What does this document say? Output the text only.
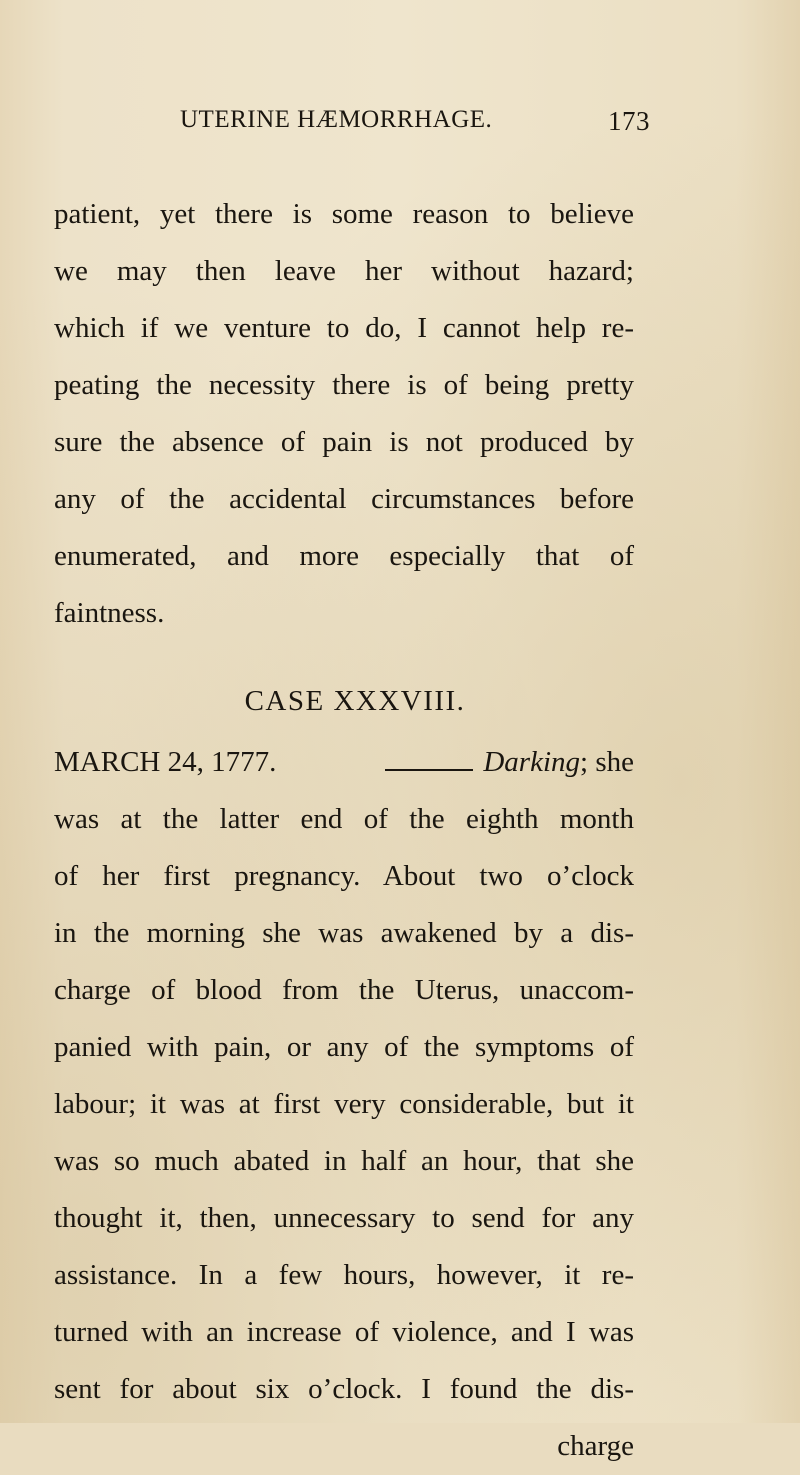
UTERINE HÆMORRHAGE.	173
patient, yet there is some reason to believe
we may then leave her without hazard;
which if we venture to do, I cannot help re-
peating the necessity there is of being pretty
sure the absence of pain is not produced by
any of the accidental circumstances before
enumerated, and more especially that of
faintness.
CASE XXXVIII.
MARCH 24, 1777.	Darking ; she
was at the latter end of the eighth month
of her first pregnancy. About two o’clock
in the morning she was awakened by a dis-
charge of blood from the Uterus, unaccom-
panied with pain, or any of the symptoms of
labour; it was at first very considerable, but it
was so much abated in half an hour, that she
thought it, then, unnecessary to send for any
assistance. In a few hours, however, it re-
turned with an increase of violence, and I was
sent for about six o’clock. I found the dis-
charge
